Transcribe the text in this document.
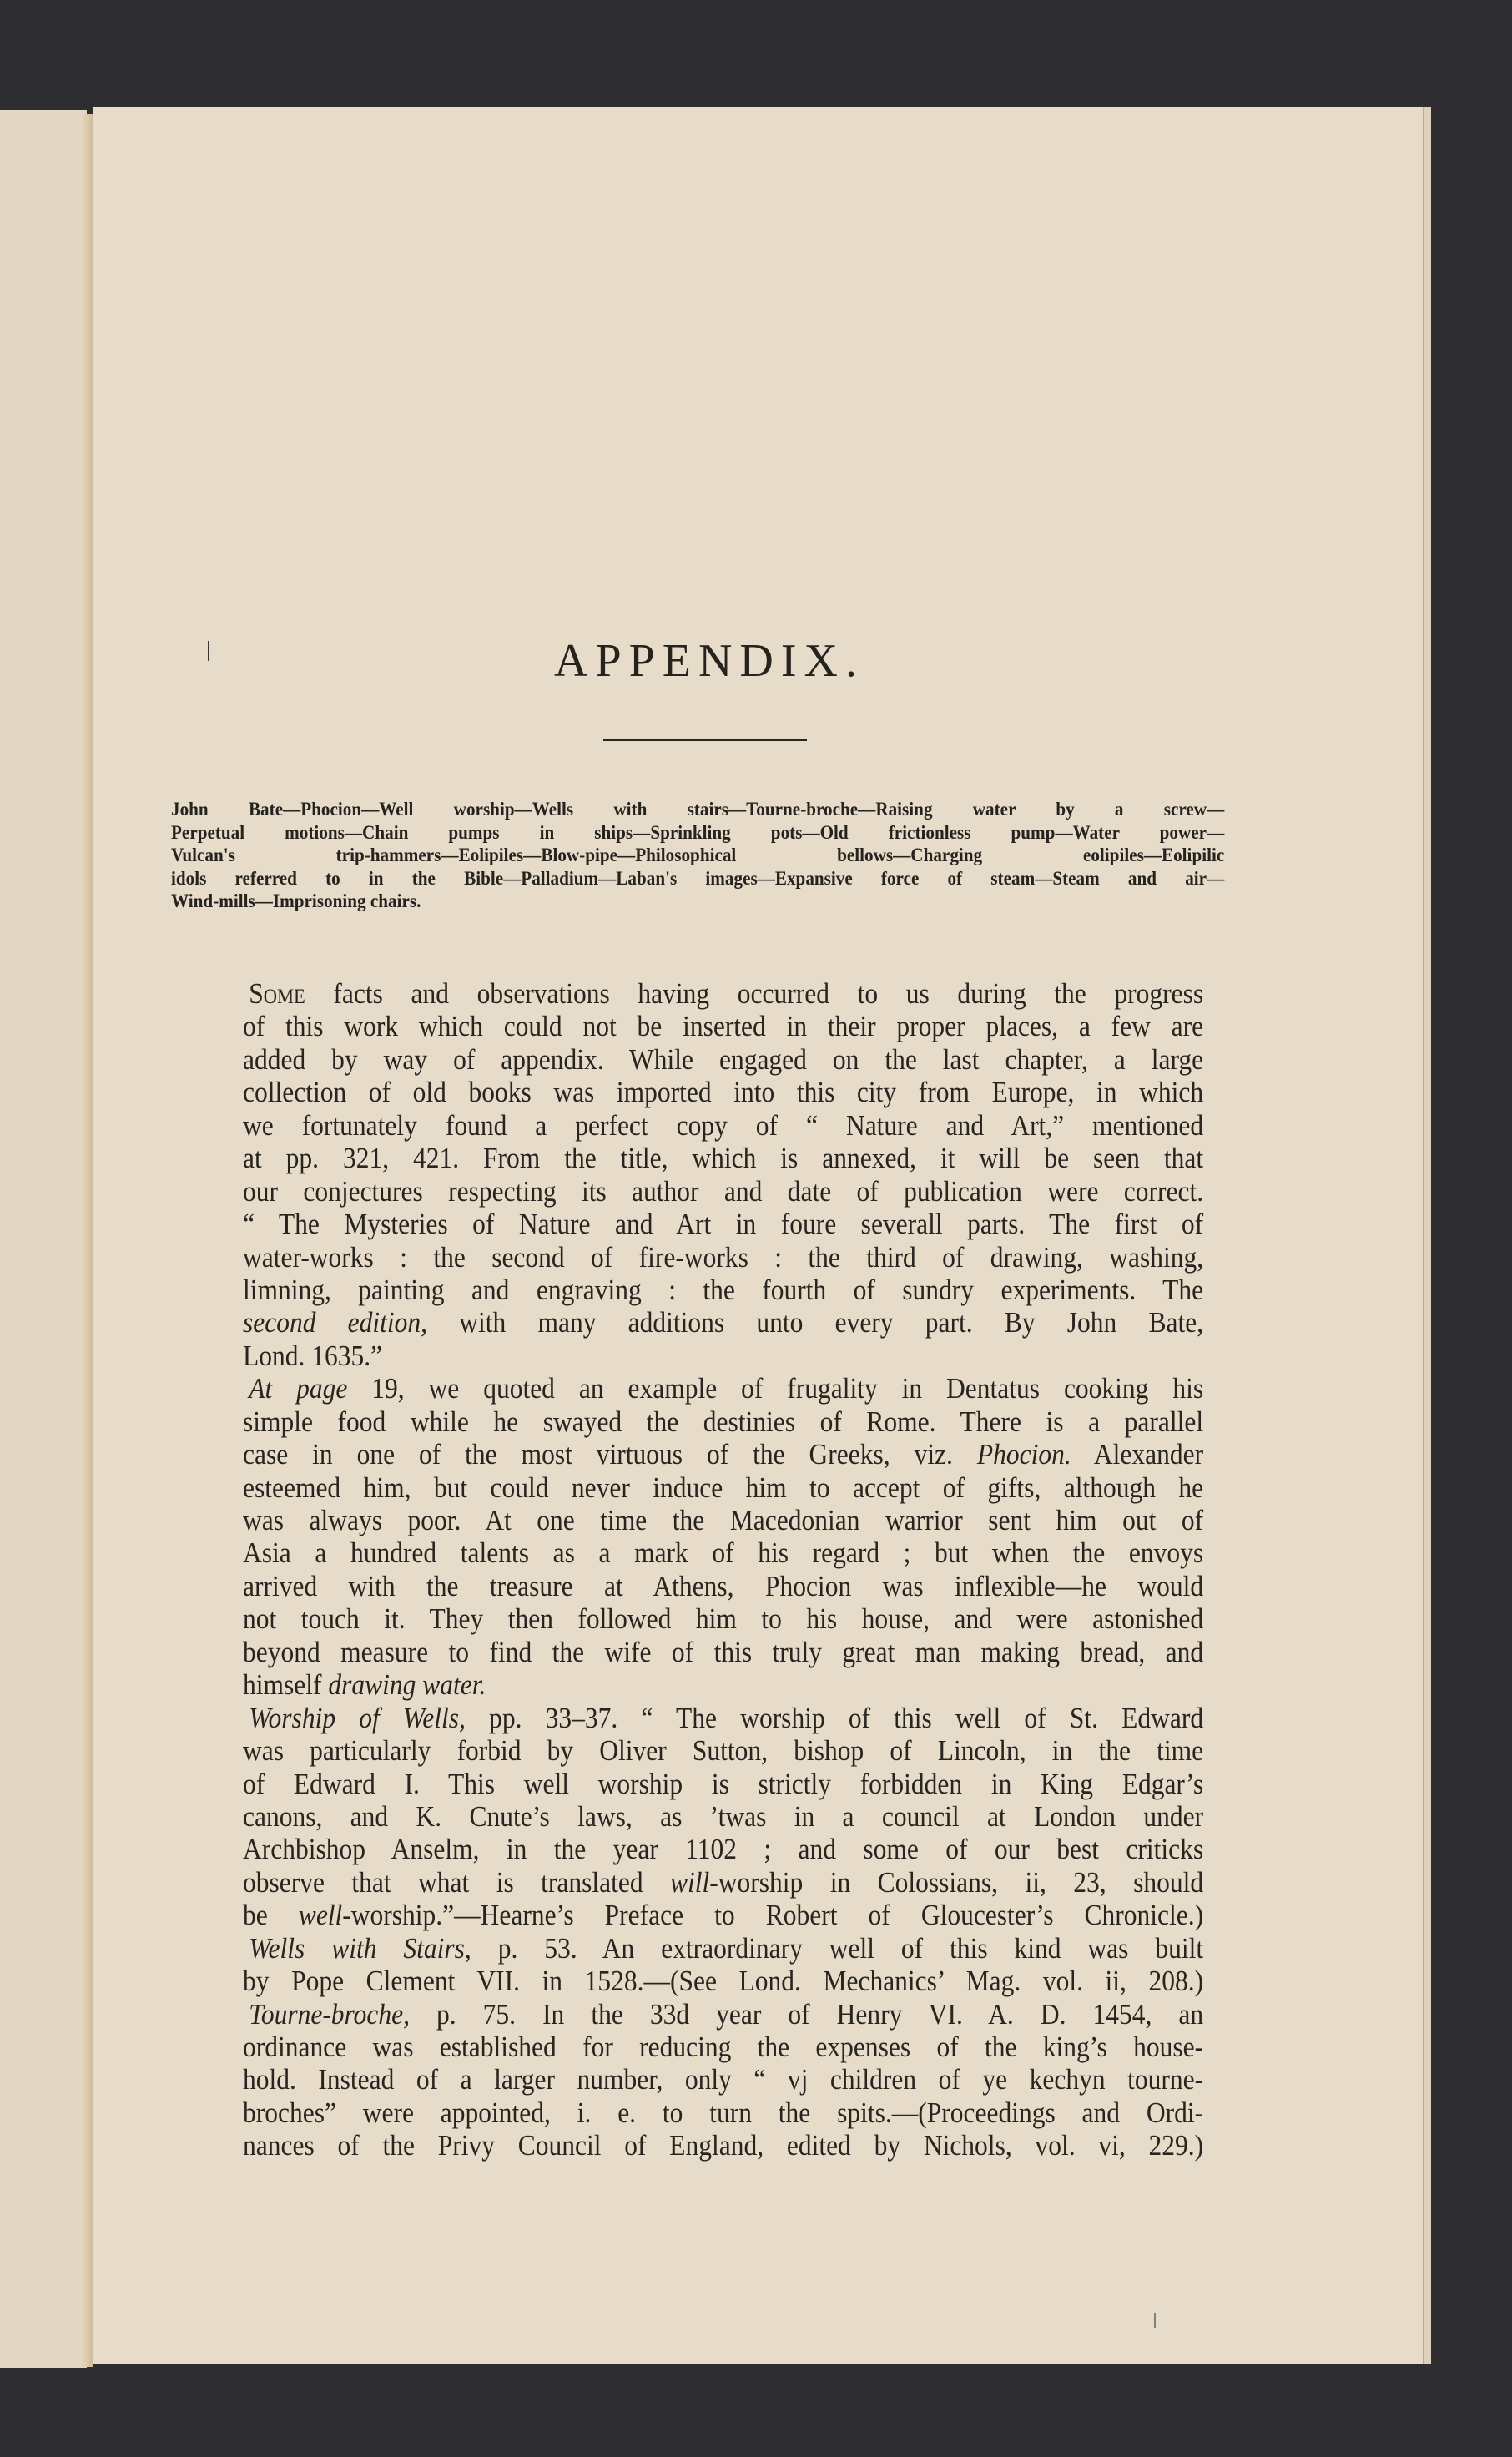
APPENDIX.
John Bate—Phocion—Well worship—Wells with stairs—Tourne-broche—Raising water by a screw—
Perpetual motions—Chain pumps in ships—Sprinkling pots—Old frictionless pump—Water power—
Vulcan's trip-hammers—Eolipiles—Blow-pipe—Philosophical bellows—Charging eolipiles—Eolipilic
idols referred to in the Bible—Palladium—Laban's images—Expansive force of steam—Steam and air—
Wind-mills—Imprisoning chairs.
Some facts and observations having occurred to us during the progress
of this work which could not be inserted in their proper places, a few are
added by way of appendix. While engaged on the last chapter, a large
collection of old books was imported into this city from Europe, in which
we fortunately found a perfect copy of “ Nature and Art,” mentioned
at pp. 321, 421. From the title, which is annexed, it will be seen that
our conjectures respecting its author and date of publication were correct.
“ The Mysteries of Nature and Art in foure severall parts. The first of
water-works : the second of fire-works : the third of drawing, washing,
limning, painting and engraving : the fourth of sundry experiments. The
second edition, with many additions unto every part. By John Bate,
Lond. 1635.”
At page 19, we quoted an example of frugality in Dentatus cooking his
simple food while he swayed the destinies of Rome. There is a parallel
case in one of the most virtuous of the Greeks, viz. Phocion. Alexander
esteemed him, but could never induce him to accept of gifts, although he
was always poor. At one time the Macedonian warrior sent him out of
Asia a hundred talents as a mark of his regard ; but when the envoys
arrived with the treasure at Athens, Phocion was inflexible—he would
not touch it. They then followed him to his house, and were astonished
beyond measure to find the wife of this truly great man making bread, and
himself drawing water.
Worship of Wells, pp. 33–37. “ The worship of this well of St. Edward
was particularly forbid by Oliver Sutton, bishop of Lincoln, in the time
of Edward I. This well worship is strictly forbidden in King Edgar’s
canons, and K. Cnute’s laws, as ’twas in a council at London under
Archbishop Anselm, in the year 1102 ; and some of our best criticks
observe that what is translated will-worship in Colossians, ii, 23, should
be well-worship.”—Hearne’s Preface to Robert of Gloucester’s Chronicle.)
Wells with Stairs, p. 53. An extraordinary well of this kind was built
by Pope Clement VII. in 1528.—(See Lond. Mechanics’ Mag. vol. ii, 208.)
Tourne-broche, p. 75. In the 33d year of Henry VI. A. D. 1454, an
ordinance was established for reducing the expenses of the king’s house-
hold. Instead of a larger number, only “ vj children of ye kechyn tourne-
broches” were appointed, i. e. to turn the spits.—(Proceedings and Ordi-
nances of the Privy Council of England, edited by Nichols, vol. vi, 229.)
